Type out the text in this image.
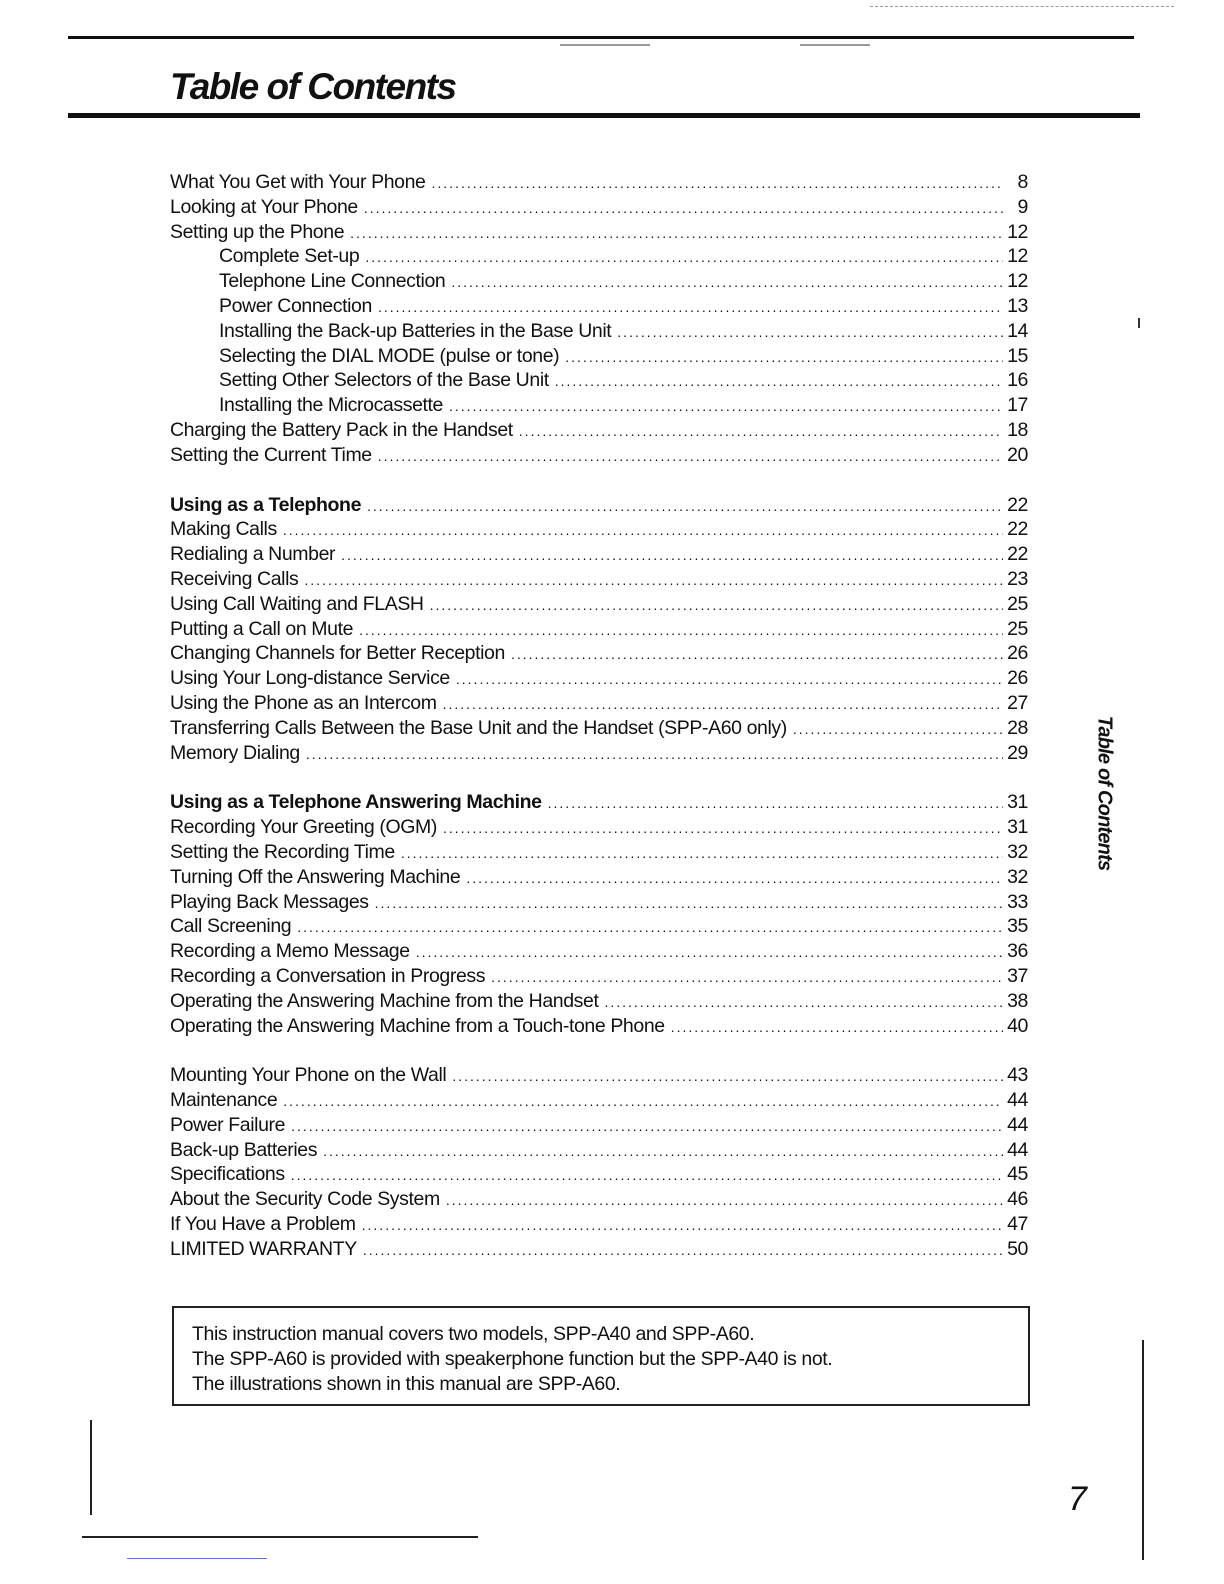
Table of Contents
What You Get with Your Phone .....	8
Looking at Your Phone .....	9
Setting up the Phone .....	12
Complete Set-up .....	12
Telephone Line Connection .....	12
Power Connection .....	13
Installing the Back-up Batteries in the Base Unit .....	14
Selecting the DIAL MODE (pulse or tone) .....	15
Setting Other Selectors of the Base Unit .....	16
Installing the Microcassette .....	17
Charging the Battery Pack in the Handset .....	18
Setting the Current Time .....	20
Using as a Telephone .....	22
Making Calls .....	22
Redialing a Number .....	22
Receiving Calls .....	23
Using Call Waiting and FLASH .....	25
Putting a Call on Mute .....	25
Changing Channels for Better Reception .....	26
Using Your Long-distance Service .....	26
Using the Phone as an Intercom .....	27
Transferring Calls Between the Base Unit and the Handset (SPP-A60 only) .....	28
Memory Dialing .....	29
Using as a Telephone Answering Machine .....	31
Recording Your Greeting (OGM) .....	31
Setting the Recording Time .....	32
Turning Off the Answering Machine .....	32
Playing Back Messages .....	33
Call Screening .....	35
Recording a Memo Message .....	36
Recording a Conversation in Progress .....	37
Operating the Answering Machine from the Handset .....	38
Operating the Answering Machine from a Touch-tone Phone .....	40
Mounting Your Phone on the Wall .....	43
Maintenance .....	44
Power Failure .....	44
Back-up Batteries .....	44
Specifications .....	45
About the Security Code System .....	46
If You Have a Problem .....	47
LIMITED WARRANTY .....	50
Table of Contents
This instruction manual covers two models, SPP-A40 and SPP-A60.
The SPP-A60 is provided with speakerphone function but the SPP-A40 is not.
The illustrations shown in this manual are SPP-A60.
7
